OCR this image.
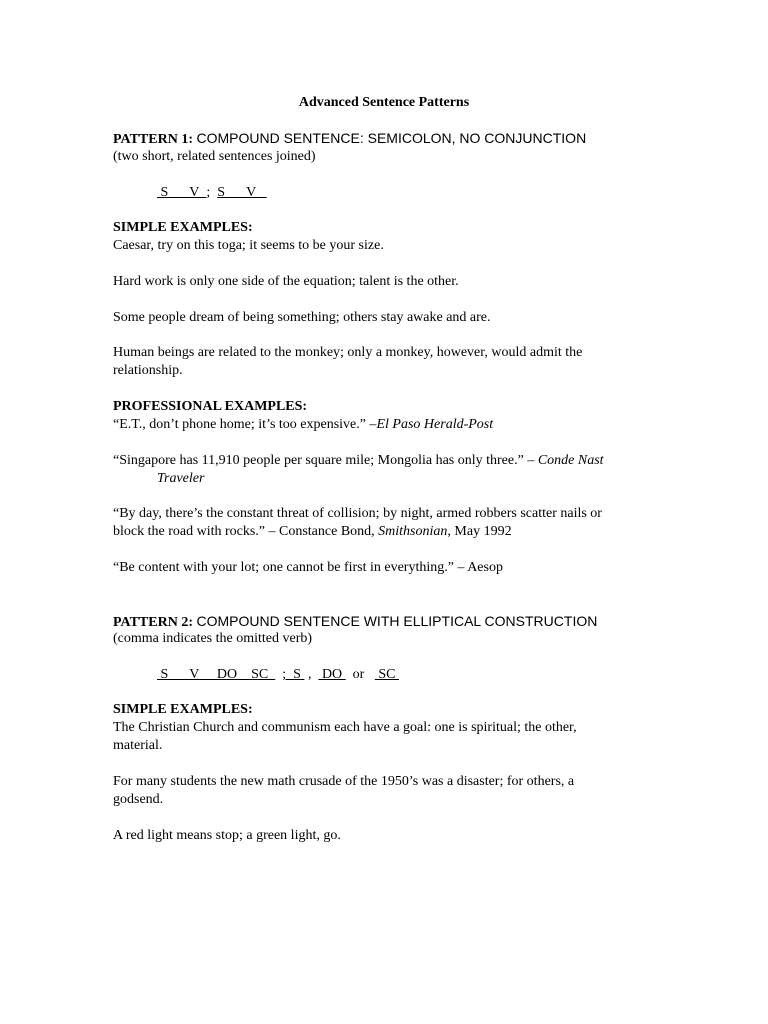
Advanced Sentence Patterns
PATTERN 1: COMPOUND SENTENCE: SEMICOLON, NO CONJUNCTION
(two short, related sentences joined)
S      V  ;  S      V
SIMPLE EXAMPLES:
Caesar, try on this toga; it seems to be your size.
Hard work is only one side of the equation; talent is the other.
Some people dream of being something; others stay awake and are.
Human beings are related to the monkey; only a monkey, however, would admit the
relationship.
PROFESSIONAL EXAMPLES:
“E.T., don’t phone home; it’s too expensive.” –El Paso Herald-Post
“Singapore has 11,910 people per square mile; Mongolia has only three.” – Conde Nast
Traveler
“By day, there’s the constant threat of collision; by night, armed robbers scatter nails or
block the road with rocks.” – Constance Bond, Smithsonian, May 1992
“Be content with your lot; one cannot be first in everything.” – Aesop
PATTERN 2: COMPOUND SENTENCE WITH ELLIPTICAL CONSTRUCTION
(comma indicates the omitted verb)
S      V     DO    SC    ;  S  ,   DO   or    SC
SIMPLE EXAMPLES:
The Christian Church and communism each have a goal: one is spiritual; the other,
material.
For many students the new math crusade of the 1950’s was a disaster; for others, a
godsend.
A red light means stop; a green light, go.
